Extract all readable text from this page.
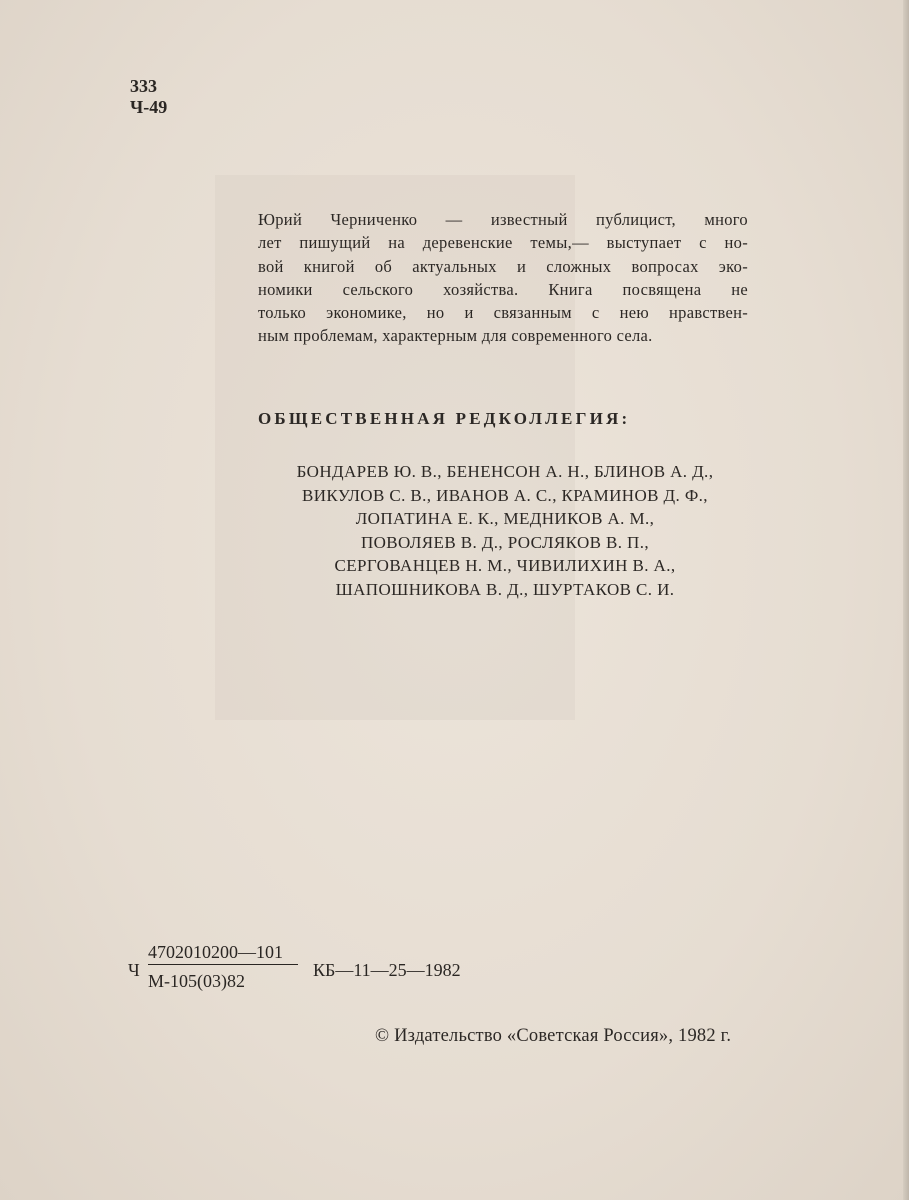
333
Ч-49
Юрий Черниченко — известный публицист, много
лет пишущий на деревенские темы,— выступает с но-
вой книгой об актуальных и сложных вопросах эко-
номики сельского хозяйства. Книга посвящена не
только экономике, но и связанным с нею нравствен-
ным проблемам, характерным для современного села.
ОБЩЕСТВЕННАЯ РЕДКОЛЛЕГИЯ:
БОНДАРЕВ Ю. В., БЕНЕНСОН А. Н., БЛИНОВ А. Д.,
ВИКУЛОВ С. В., ИВАНОВ А. С., КРАМИНОВ Д. Ф.,
ЛОПАТИНА Е. К., МЕДНИКОВ А. М.,
ПОВОЛЯЕВ В. Д., РОСЛЯКОВ В. П.,
СЕРГОВАНЦЕВ Н. М., ЧИВИЛИХИН В. А.,
ШАПОШНИКОВА В. Д., ШУРТАКОВ С. И.
Ч
4702010200—101
М-105(03)82
КБ—11—25—1982
© Издательство «Советская Россия», 1982 г.
